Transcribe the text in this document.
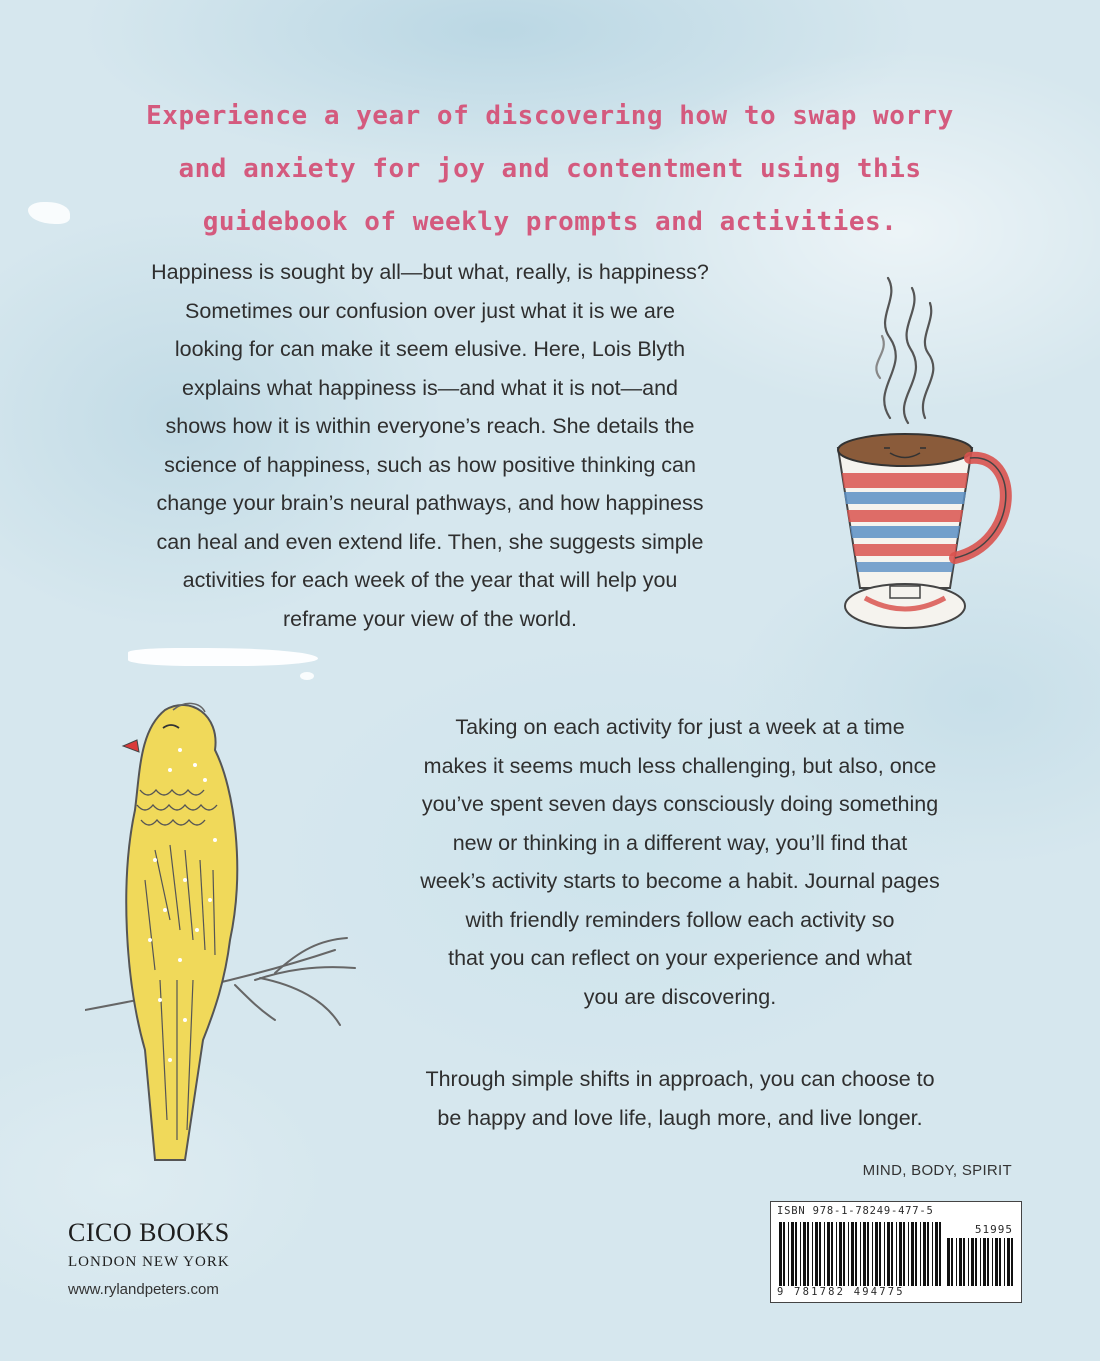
Experience a year of discovering how to swap worry
and anxiety for joy and contentment using this
guidebook of weekly prompts and activities.
Happiness is sought by all—but what, really, is happiness?
Sometimes our confusion over just what it is we are
looking for can make it seem elusive. Here, Lois Blyth
explains what happiness is—and what it is not—and
shows how it is within everyone’s reach. She details the
science of happiness, such as how positive thinking can
change your brain’s neural pathways, and how happiness
can heal and even extend life. Then, she suggests simple
activities for each week of the year that will help you
reframe your view of the world.
Taking on each activity for just a week at a time
makes it seems much less challenging, but also, once
you’ve spent seven days consciously doing something
new or thinking in a different way, you’ll find that
week’s activity starts to become a habit. Journal pages
with friendly reminders follow each activity so
that you can reflect on your experience and what
you are discovering.
Through simple shifts in approach, you can choose to
be happy and love life, laugh more, and live longer.
MIND, BODY, SPIRIT
CICO BOOKS
LONDON NEW YORK
www.rylandpeters.com
ISBN 978-1-78249-477-5
51995
9 781782 494775
